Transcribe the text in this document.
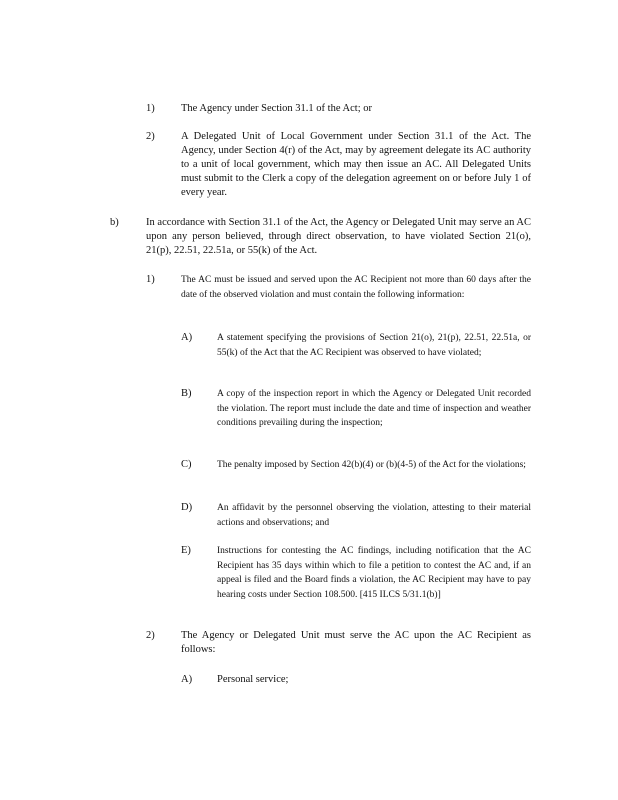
1)	The Agency under Section 31.1 of the Act; or
2)	A Delegated Unit of Local Government under Section 31.1 of the Act. The Agency, under Section 4(r) of the Act, may by agreement delegate its AC authority to a unit of local government, which may then issue an AC. All Delegated Units must submit to the Clerk a copy of the delegation agreement on or before July 1 of every year.
b)	In accordance with Section 31.1 of the Act, the Agency or Delegated Unit may serve an AC upon any person believed, through direct observation, to have violated Section 21(o), 21(p), 22.51, 22.51a, or 55(k) of the Act.
1)	The AC must be issued and served upon the AC Recipient not more than 60 days after the date of the observed violation and must contain the following information:
A)	A statement specifying the provisions of Section 21(o), 21(p), 22.51, 22.51a, or 55(k) of the Act that the AC Recipient was observed to have violated;
B)	A copy of the inspection report in which the Agency or Delegated Unit recorded the violation. The report must include the date and time of inspection and weather conditions prevailing during the inspection;
C)	The penalty imposed by Section 42(b)(4) or (b)(4-5) of the Act for the violations;
D)	An affidavit by the personnel observing the violation, attesting to their material actions and observations; and
E)	Instructions for contesting the AC findings, including notification that the AC Recipient has 35 days within which to file a petition to contest the AC and, if an appeal is filed and the Board finds a violation, the AC Recipient may have to pay hearing costs under Section 108.500. [415 ILCS 5/31.1(b)]
2)	The Agency or Delegated Unit must serve the AC upon the AC Recipient as follows:
A) Personal service;
